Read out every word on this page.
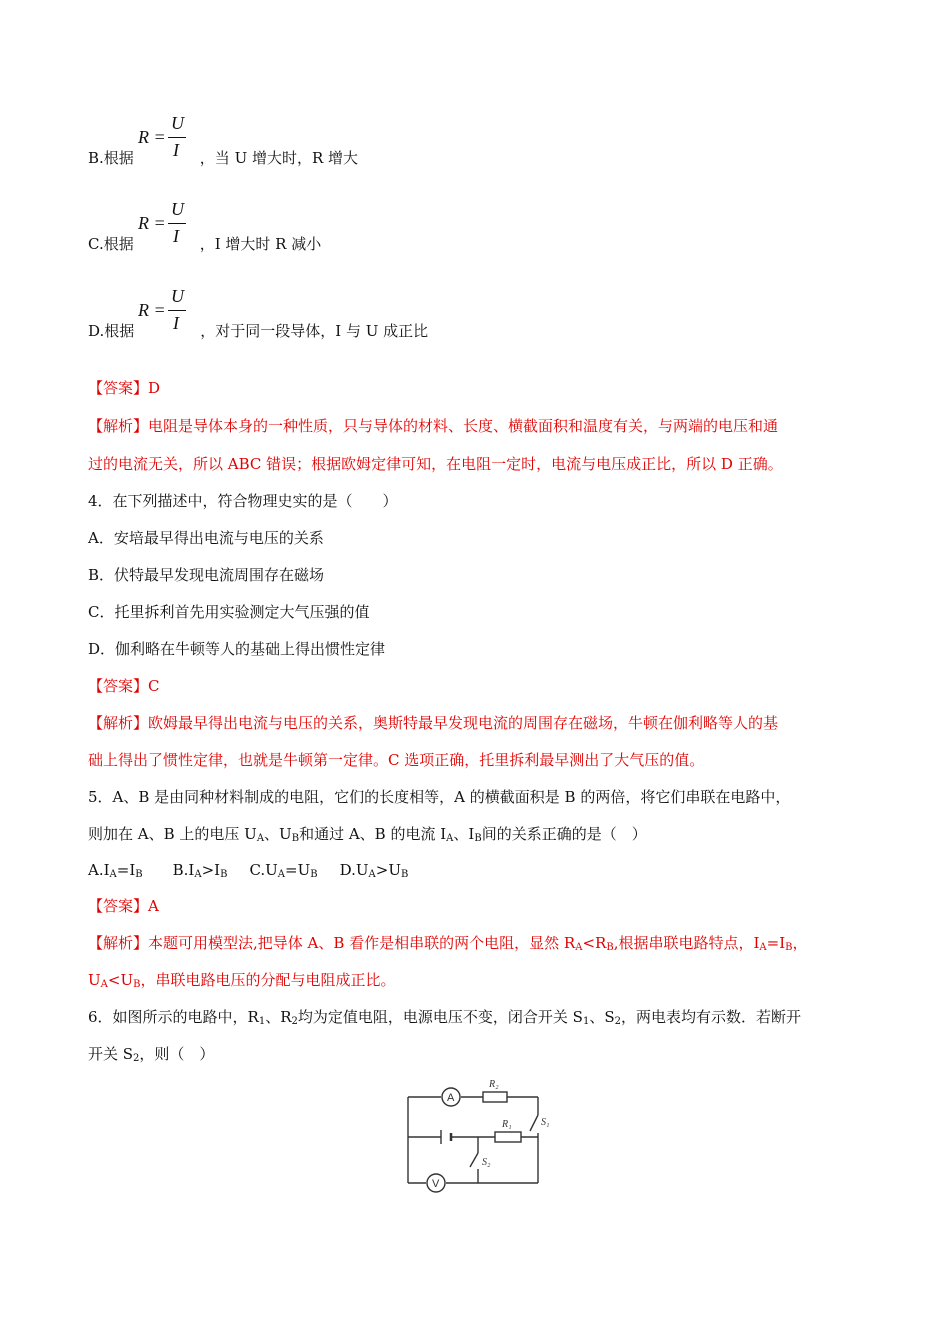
R =
U
I
B.根据	，当 U 增大时，R 增大
R =
U
I
C.根据	，I 增大时 R 减小
R =
U
I
D.根据	，对于同一段导体，I 与 U 成正比
【答案】D
【解析】电阻是导体本身的一种性质，只与导体的材料、长度、横截面积和温度有关，与两端的电压和通
过的电流无关，所以 ABC 错误；根据欧姆定律可知，在电阻一定时，电流与电压成正比，所以 D 正确。
4．在下列描述中，符合物理史实的是（　　）
A．安培最早得出电流与电压的关系
B．伏特最早发现电流周围存在磁场
C．托里拆利首先用实验测定大气压强的值
D．伽利略在牛顿等人的基础上得出惯性定律
【答案】C
【解析】欧姆最早得出电流与电压的关系，奥斯特最早发现电流的周围存在磁场，牛顿在伽利略等人的基
础上得出了惯性定律，也就是牛顿第一定律。C 选项正确，托里拆利最早测出了大气压的值。
5．A、B 是由同种材料制成的电阻，它们的长度相等，A 的横截面积是 B 的两倍，将它们串联在电路中，
则加在 A、B 上的电压 $U_A$、$U_B$和通过 A、B 的电流 $I_A$、$I_B$间的关系正确的是（　）
$A.I_A=I_B$ $B.I_A>I_B$ $C.U_A=U_B$ $D.U_A>U_B$
【答案】A
【解析】本题可用模型法,把导体 A、B 看作是相串联的两个电阻，显然 $R_A<R_B$,根据串联电路特点，$I_A=I_B$，
$U_A<U_B$，串联电路电压的分配与电阻成正比。
6．如图所示的电路中，$R_1$、$R_2$均为定值电阻，电源电压不变，闭合开关 $S_1$、$S_2$，两电表均有示数．若断开
开关 $S_2$，则（　）
A
R₂
S₁
R₁
S₂
V
